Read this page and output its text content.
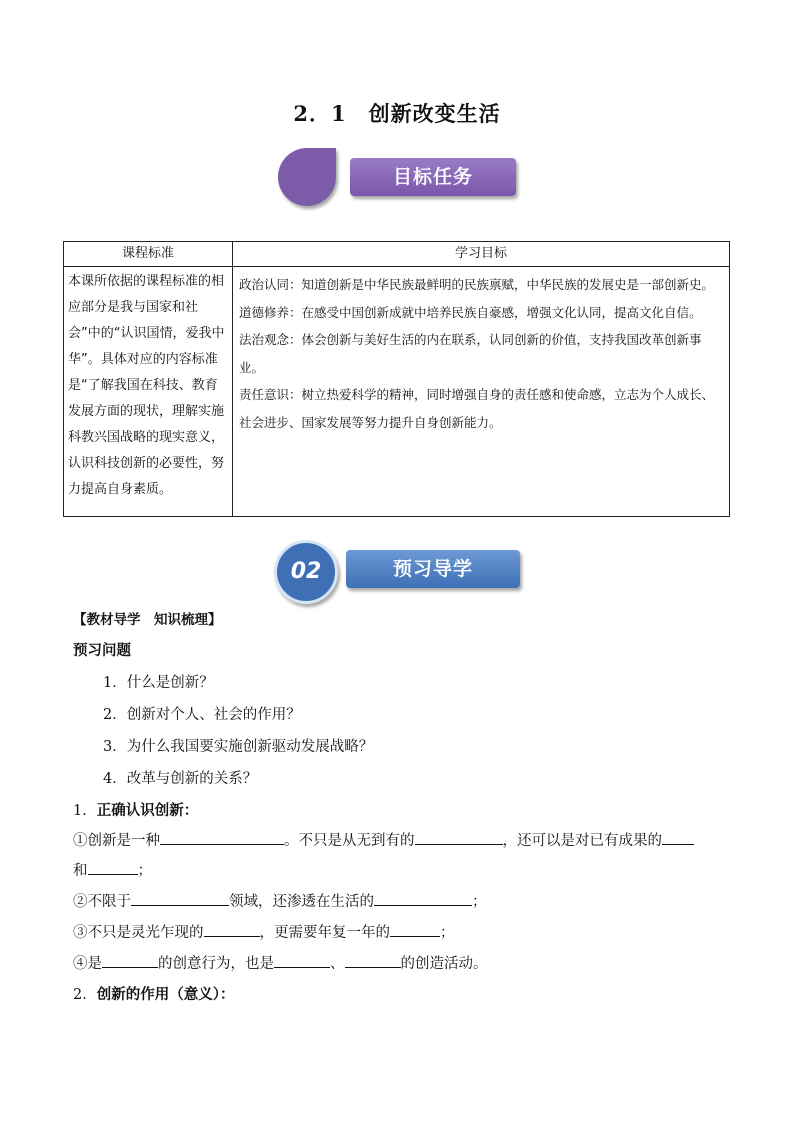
2．1　创新改变生活
目标任务
课程标准	学习目标
本课所依据的课程标准的相应部分是我与国家和社会”中的“认识国情，爱我中华”。具体对应的内容标准是“了解我国在科技、教育发展方面的现状，理解实施科教兴国战略的现实意义，认识科技创新的必要性，努力提高自身素质。	政治认同：知道创新是中华民族最鲜明的民族禀赋，中华民族的发展史是一部创新史。
道德修养：在感受中国创新成就中培养民族自豪感，增强文化认同，提高文化自信。
法治观念：体会创新与美好生活的内在联系，认同创新的价值，支持我国改革创新事业。
责任意识：树立热爱科学的精神，同时增强自身的责任感和使命感，立志为个人成长、社会进步、国家发展等努力提升自身创新能力。
02	预习导学
【教材导学　知识梳理】
预习问题
1．什么是创新？
2．创新对个人、社会的作用？
3．为什么我国要实施创新驱动发展战略？
4．改革与创新的关系？
1．正确认识创新：
①创新是一种	。不只是从无到有的	，还可以是对已有成果的
和	；
②不限于	领域，还渗透在生活的	；
③不只是灵光乍现的	，更需要年复一年的	；
④是	的创意行为，也是	、	的创造活动。
2．创新的作用（意义）：
